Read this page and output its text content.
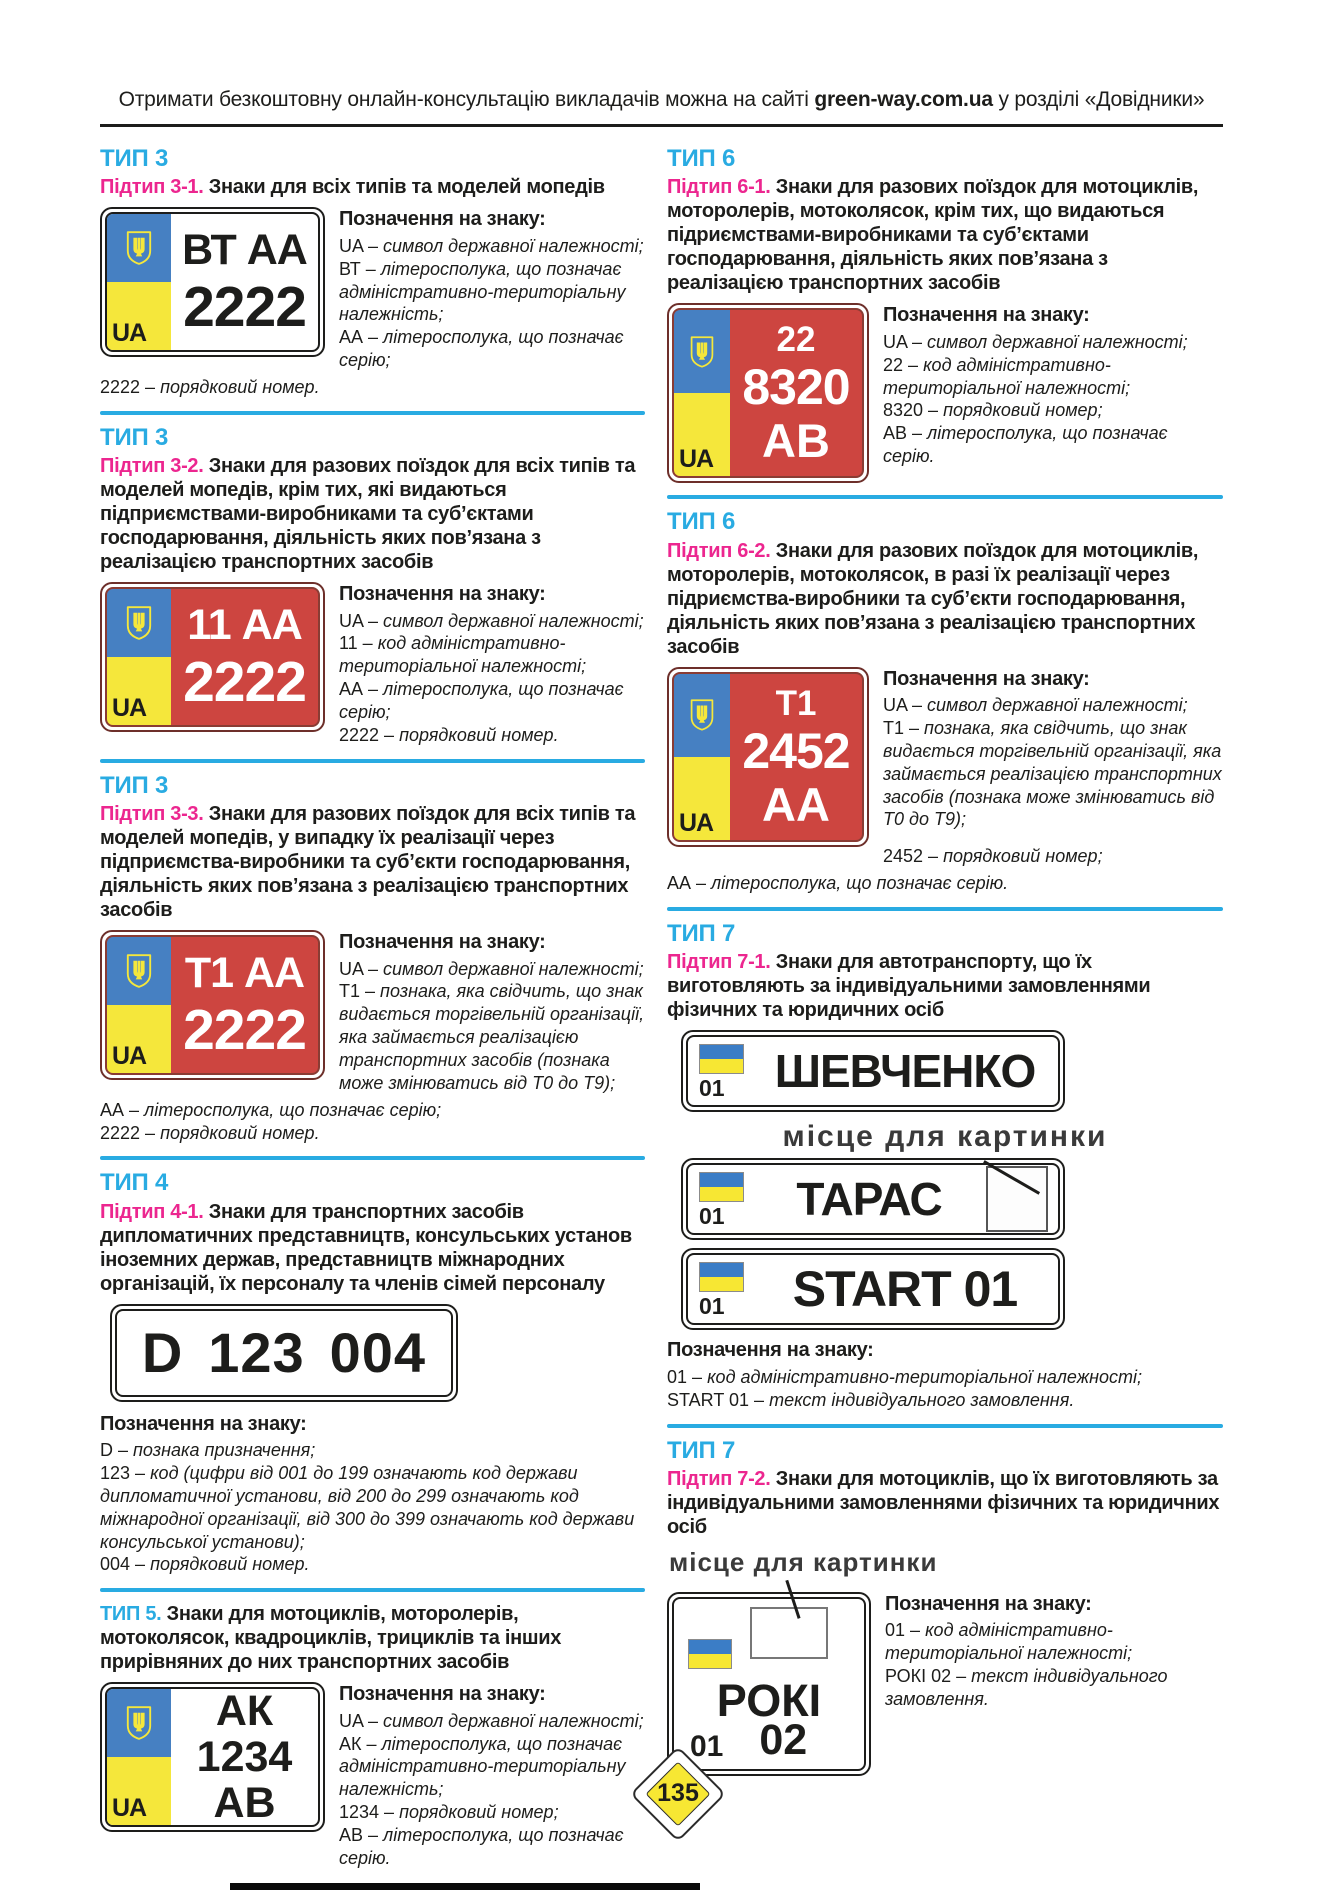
Отримати безкоштовну онлайн-консультацію викладачів можна на сайті green-way.com.ua у розділі «Довідники»
ТИП 3
Підтип 3-1. Знаки для всіх типів та моделей мопедів
UA
ВТ АА
2222
Позначення на знаку:
UA – символ державної належності;
ВТ – літеросполука, що позначає адміністративно-територіальну належність;
АА – літеросполука, що позначає серію;
2222 – порядковий номер.
ТИП 3
Підтип 3-2. Знаки для разових поїздок для всіх типів та моделей мопедів, крім тих, які видаються підприємствами-виробниками та суб’єктами господарювання, діяльність яких пов’язана з реалізацією транспортних засобів
UA
11 АА
2222
Позначення на знаку:
UA – символ державної належності;
11 – код адміністративно-територіальної належності;
АА – літеросполука, що позначає серію;
2222 – порядковий номер.
ТИП 3
Підтип 3-3. Знаки для разових поїздок для всіх типів та моделей мопедів, у випадку їх реалізації через підприємства-виробники та суб’єкти господарювання, діяльність яких пов’язана з реалізацією транспортних засобів
UA
Т1 АА
2222
Позначення на знаку:
UA – символ державної належності;
Т1 – познака, яка свідчить, що знак видається торгівельній організації, яка займається реалізацією транспортних засобів (познака може змінюватись від Т0 до Т9);
АА – літеросполука, що позначає серію;
2222 – порядковий номер.
ТИП 4
Підтип 4-1. Знаки для транспортних засобів дипломатичних представництв, консульських установ іноземних держав, представництв міжнародних організацій, їх персоналу та членів сімей персоналу
D 123 004
Позначення на знаку:
D – познака призначення;
123 – код (цифри від 001 до 199 означають код держави дипломатичної установи, від 200 до 299 означають код міжнародної організації, від 300 до 399 означають код держави консульської установи);
004 – порядковий номер.
ТИП 5. Знаки для мотоциклів, моторолерів, мотоколясок, квадроциклів, трициклів та інших прирівняних до них транспортних засобів
UA
АК
1234
АВ
Позначення на знаку:
UA – символ державної належності;
АК – літеросполука, що позначає адміністративно-територіальну належність;
1234 – порядковий номер;
АВ – літеросполука, що позначає серію.
ТИП 6
Підтип 6-1. Знаки для разових поїздок для мотоциклів, моторолерів, мотоколясок, крім тих, що видаються підриємствами-виробниками та суб’єктами господарювання, діяльність яких пов’язана з реалізацією транспортних засобів
UA
22
8320
АВ
Позначення на знаку:
UA – символ державної належності;
22 – код адміністративно-територіальної належності;
8320 – порядковий номер;
АВ – літеросполука, що позначає серію.
ТИП 6
Підтип 6-2. Знаки для разових поїздок для мотоциклів, моторолерів, мотоколясок, в разі їх реалізації через підриємства-виробники та суб’єкти господарювання, діяльність яких пов’язана з реалізацією транспортних засобів
UA
Т1
2452
АА
Позначення на знаку:
UA – символ державної належності;
Т1 – познака, яка свідчить, що знак видається торгівельній організації, яка займається реалізацією транспортних засобів (познака може змінюватись від Т0 до Т9);
2452 – порядковий номер;
АА – літеросполука, що позначає серію.
ТИП 7
Підтип 7-1. Знаки для автотранспорту, що їх виготовляють за індивідуальними замовленнями фізичних та юридичних осіб
01	ШЕВЧЕНКО
місце для картинки
01	ТАРАС
01	START 01
Позначення на знаку:
01 – код адміністративно-територіальної належності;
START 01 – текст індивідуального замовлення.
ТИП 7
Підтип 7-2. Знаки для мотоциклів, що їх виготовляють за індивідуальними замовленнями фізичних та юридичних осіб
місце для картинки
РОКІ
01 02
Позначення на знаку:
01 – код адміністративно-територіальної належності;
РОКІ 02 – текст індивідуального замовлення.
135
